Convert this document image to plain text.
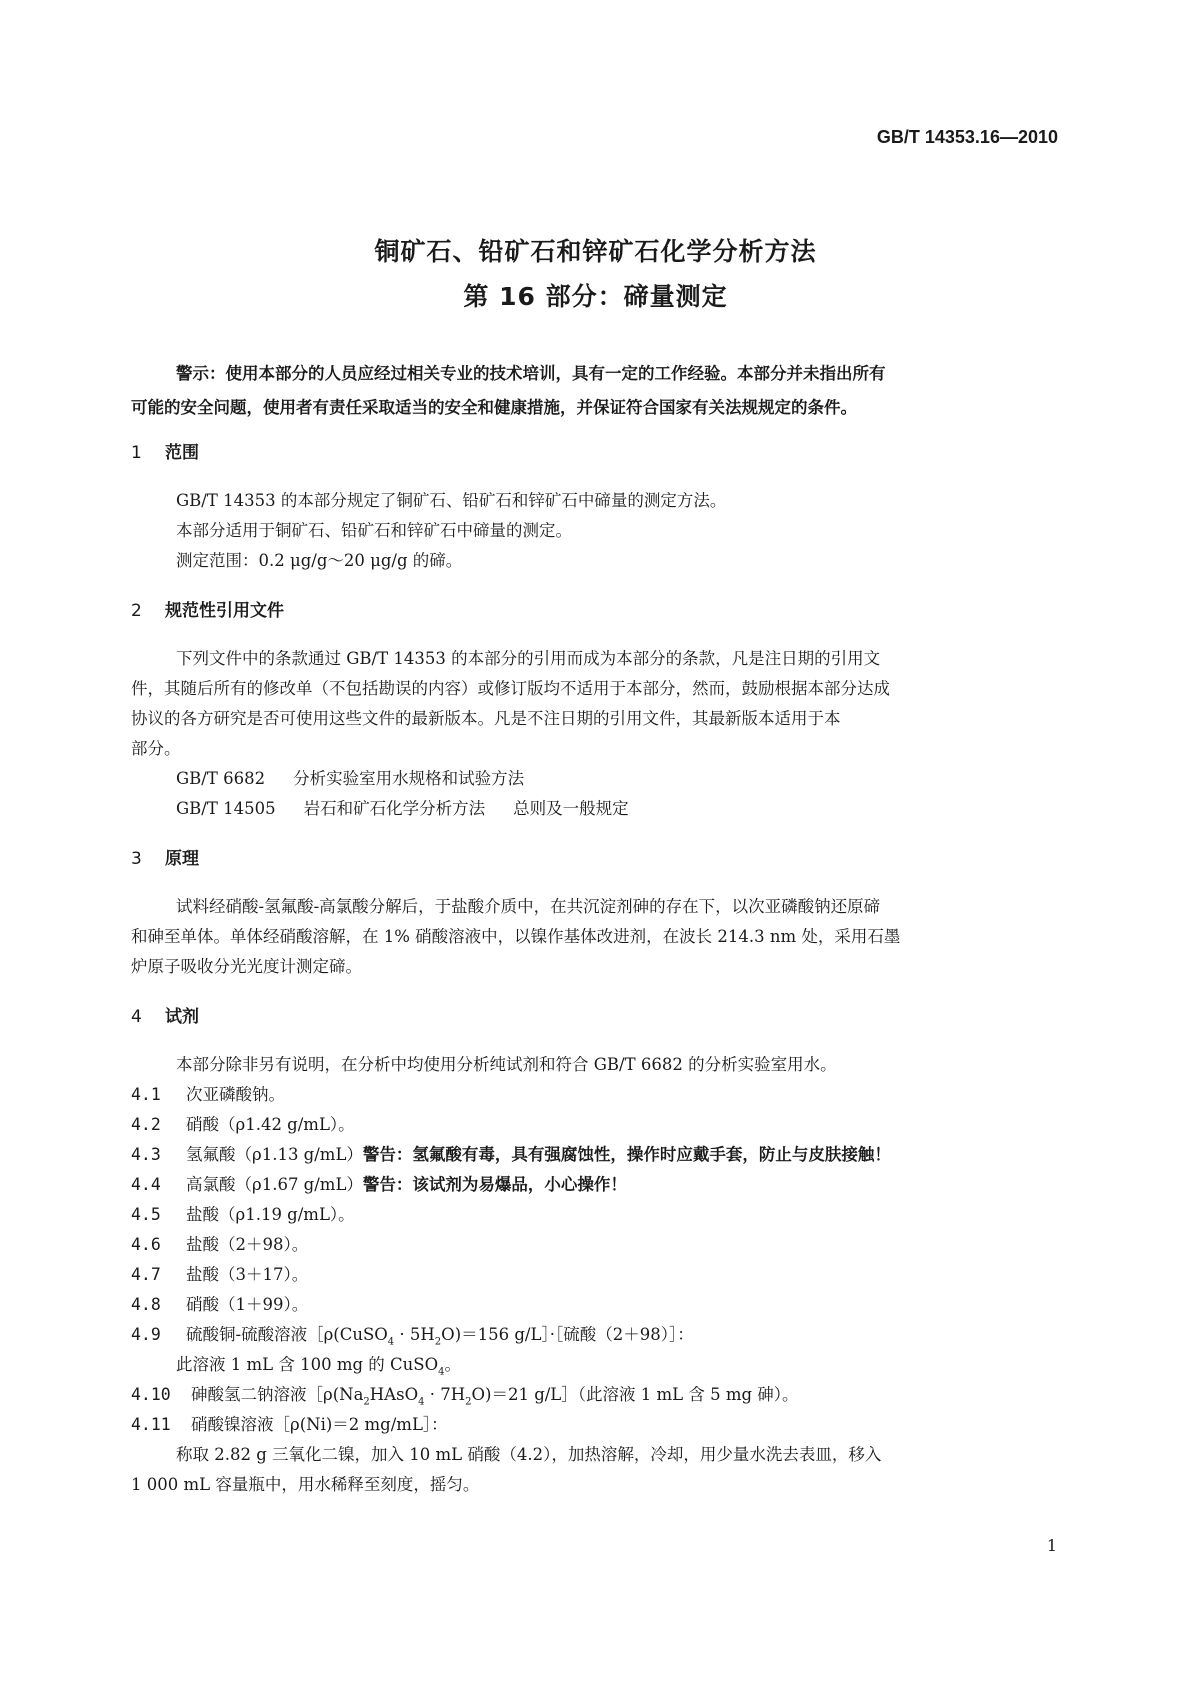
GB/T 14353.16—2010
铜矿石、铅矿石和锌矿石化学分析方法
第 16 部分：碲量测定
警示：使用本部分的人员应经过相关专业的技术培训，具有一定的工作经验。本部分并未指出所有
可能的安全问题，使用者有责任采取适当的安全和健康措施，并保证符合国家有关法规规定的条件。
1 范围
GB/T 14353 的本部分规定了铜矿石、铅矿石和锌矿石中碲量的测定方法。
本部分适用于铜矿石、铅矿石和锌矿石中碲量的测定。
测定范围：0.2 μg/g～20 μg/g 的碲。
2 规范性引用文件
下列文件中的条款通过 GB/T 14353 的本部分的引用而成为本部分的条款，凡是注日期的引用文
件，其随后所有的修改单（不包括勘误的内容）或修订版均不适用于本部分，然而，鼓励根据本部分达成
协议的各方研究是否可使用这些文件的最新版本。凡是不注日期的引用文件，其最新版本适用于本
部分。
GB/T 6682 分析实验室用水规格和试验方法
GB/T 14505 岩石和矿石化学分析方法 总则及一般规定
3 原理
试料经硝酸-氢氟酸-高氯酸分解后，于盐酸介质中，在共沉淀剂砷的存在下，以次亚磷酸钠还原碲
和砷至单体。单体经硝酸溶解，在 1% 硝酸溶液中，以镍作基体改进剂，在波长 214.3 nm 处，采用石墨
炉原子吸收分光光度计测定碲。
4 试剂
本部分除非另有说明，在分析中均使用分析纯试剂和符合 GB/T 6682 的分析实验室用水。
4.1 次亚磷酸钠。
4.2 硝酸（ρ1.42 g/mL）。
4.3 氢氟酸（ρ1.13 g/mL）警告：氢氟酸有毒，具有强腐蚀性，操作时应戴手套，防止与皮肤接触！
4.4 高氯酸（ρ1.67 g/mL）警告：该试剂为易爆品，小心操作！
4.5 盐酸（ρ1.19 g/mL）。
4.6 盐酸（2＋98）。
4.7 盐酸（3＋17）。
4.8 硝酸（1＋99）。
4.9 硫酸铜-硫酸溶液［ρ(CuSO$_4$ · $5H_2O)=156$ g/L］·［硫酸（2＋98）］：
此溶液 1 mL 含 100 mg 的 CuSO$_4$。
4.10 砷酸氢二钠溶液$[\rho(Na_2HAsO_4 \cdot 7H_2O)=21$ g/L］（此溶液 1 mL 含 5 mg 砷）。
4.11 硝酸镍溶液［ρ(Ni)＝2 mg/mL］：
称取 2.82 g 三氧化二镍，加入 10 mL 硝酸（4.2），加热溶解，冷却，用少量水洗去表皿，移入
1 000 mL 容量瓶中，用水稀释至刻度，摇匀。
1
